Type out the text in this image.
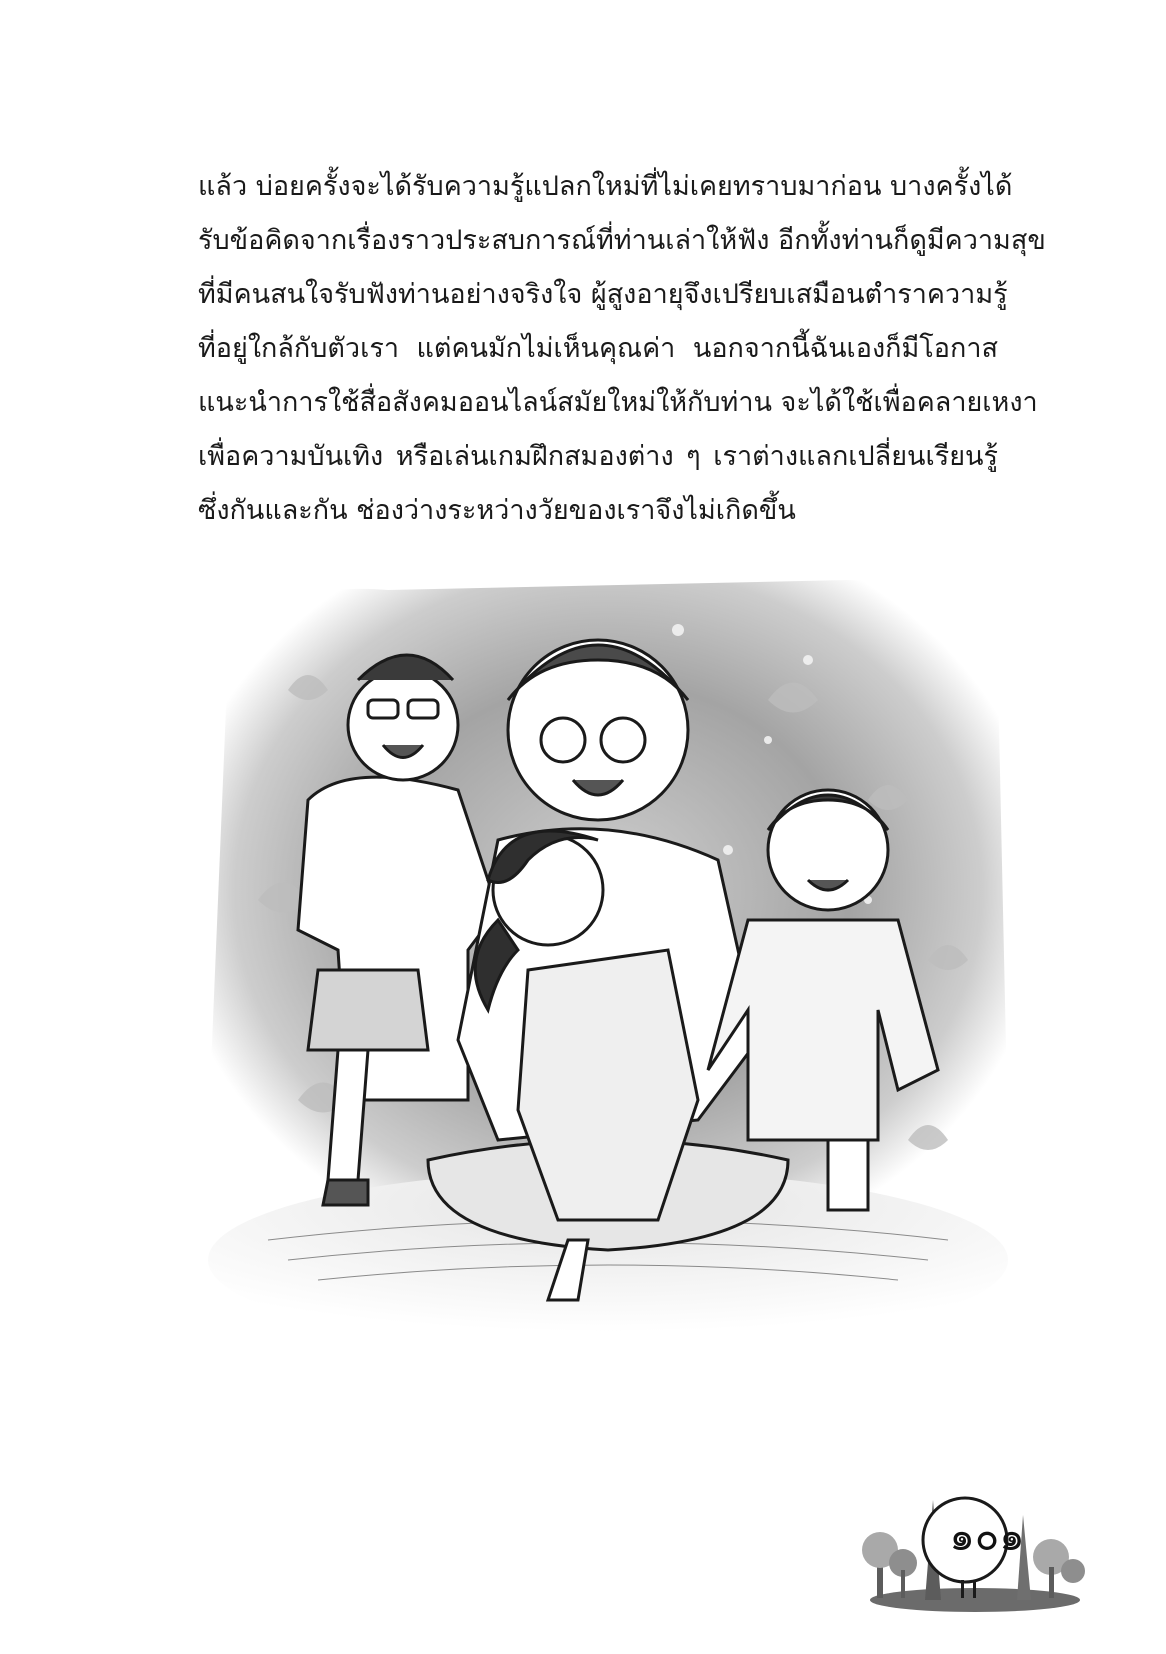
แล้ว บ่อยครั้งจะได้รับความรู้แปลกใหม่ที่ไม่เคยทราบมาก่อน บางครั้งได้
รับข้อคิดจากเรื่องราวประสบการณ์ที่ท่านเล่าให้ฟัง อีกทั้งท่านก็ดูมีความสุข
ที่มีคนสนใจรับฟังท่านอย่างจริงใจ ผู้สูงอายุจึงเปรียบเสมือนตำราความรู้
ที่อยู่ใกล้กับตัวเรา แต่คนมักไม่เห็นคุณค่า นอกจากนี้ฉันเองก็มีโอกาส
แนะนำการใช้สื่อสังคมออนไลน์สมัยใหม่ให้กับท่าน จะได้ใช้เพื่อคลายเหงา
เพื่อความบันเทิง หรือเล่นเกมฝึกสมองต่าง ๆ เราต่างแลกเปลี่ยนเรียนรู้
ซึ่งกันและกัน ช่องว่างระหว่างวัยของเราจึงไม่เกิดขึ้น
๑๐๑
